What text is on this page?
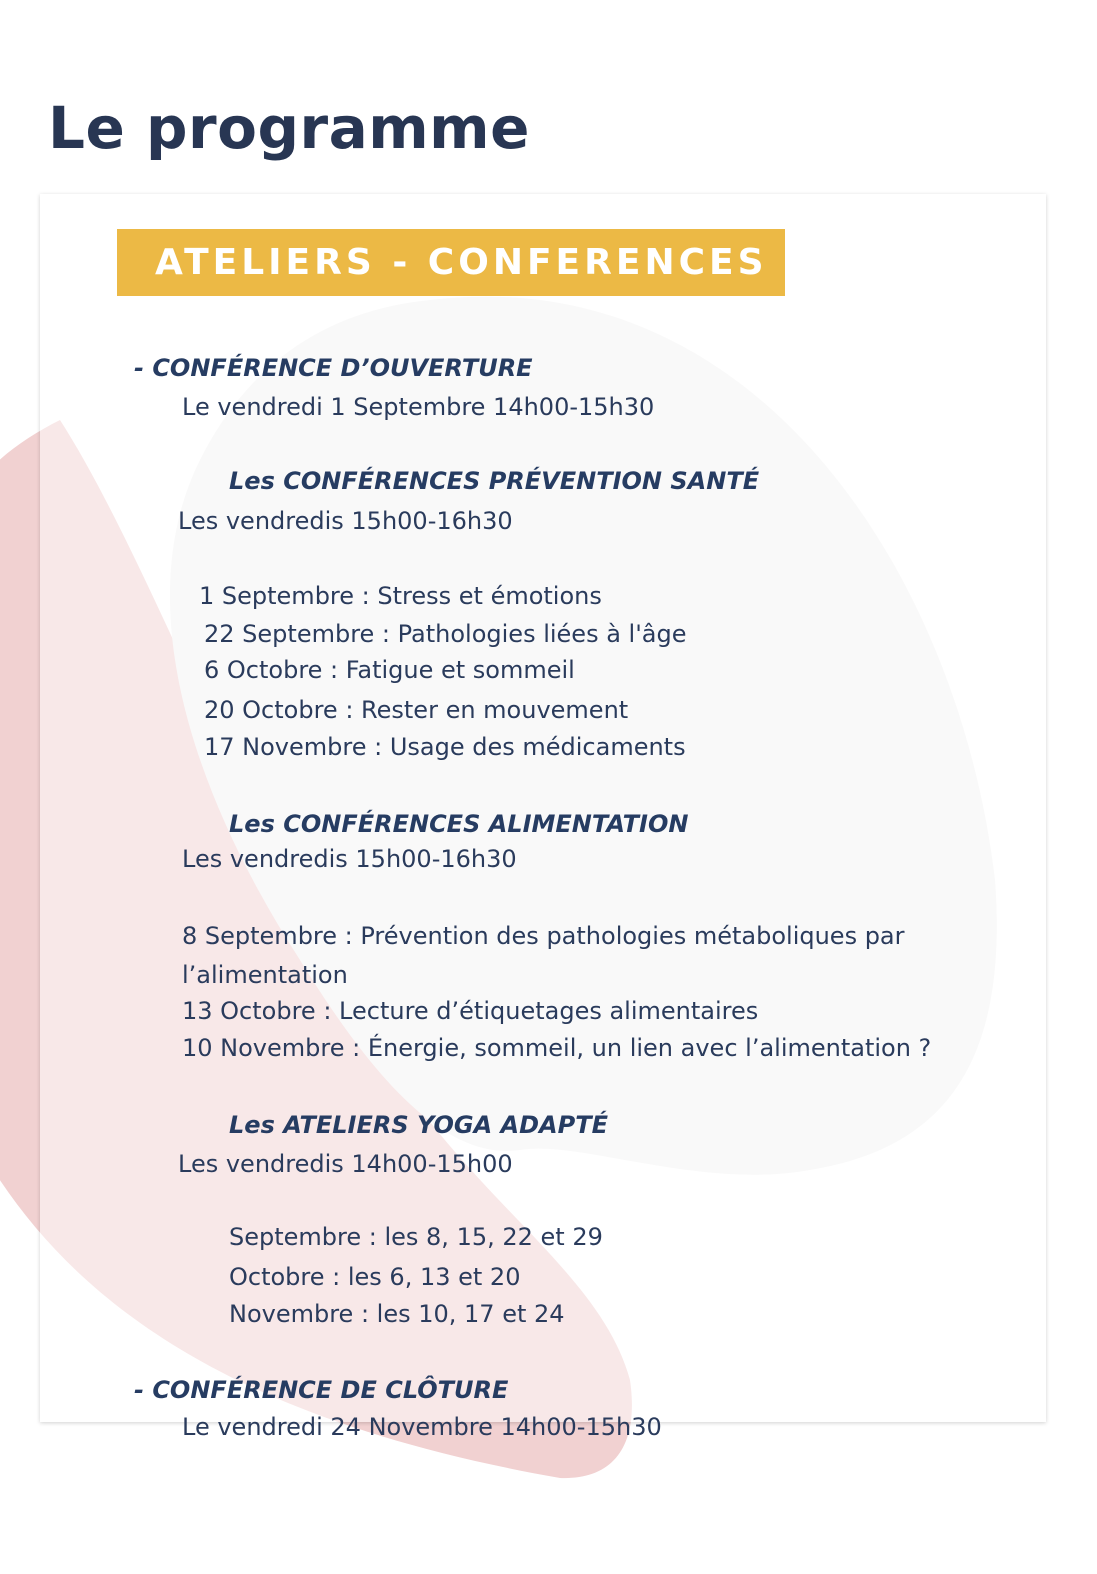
Le programme
ATELIERS - CONFERENCES
- CONFÉRENCE D’OUVERTURE
Le vendredi 1 Septembre 14h00-15h30
Les CONFÉRENCES PRÉVENTION SANTÉ
Les vendredis 15h00-16h30
1 Septembre : Stress et émotions
22 Septembre : Pathologies liées à l'âge
6 Octobre : Fatigue et sommeil
20 Octobre : Rester en mouvement
17 Novembre : Usage des médicaments
Les CONFÉRENCES ALIMENTATION
Les vendredis 15h00-16h30
8 Septembre : Prévention des pathologies métaboliques par
l’alimentation
13 Octobre : Lecture d’étiquetages alimentaires
10 Novembre : Énergie, sommeil, un lien avec l’alimentation ?
Les ATELIERS YOGA ADAPTÉ
Les vendredis 14h00-15h00
Septembre : les 8, 15, 22 et 29
Octobre : les 6, 13 et 20
Novembre : les 10, 17 et 24
- CONFÉRENCE DE CLÔTURE
Le vendredi 24 Novembre 14h00-15h30
